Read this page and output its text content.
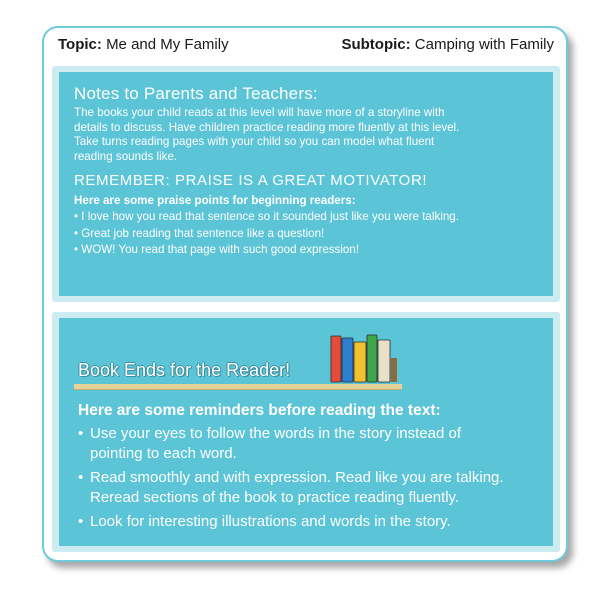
Topic: Me and My Family	Subtopic: Camping with Family
Notes to Parents and Teachers:
The books your child reads at this level will have more of a storyline with
details to discuss. Have children practice reading more fluently at this level.
Take turns reading pages with your child so you can model what fluent
reading sounds like.
REMEMBER: PRAISE IS A GREAT MOTIVATOR!
Here are some praise points for beginning readers:
• I love how you read that sentence so it sounded just like you were talking.
• Great job reading that sentence like a question!
• WOW! You read that page with such good expression!
Book Ends for the Reader!
Here are some reminders before reading the text:
• Use your eyes to follow the words in the story instead of
pointing to each word.
• Read smoothly and with expression. Read like you are talking.
Reread sections of the book to practice reading fluently.
• Look for interesting illustrations and words in the story.
